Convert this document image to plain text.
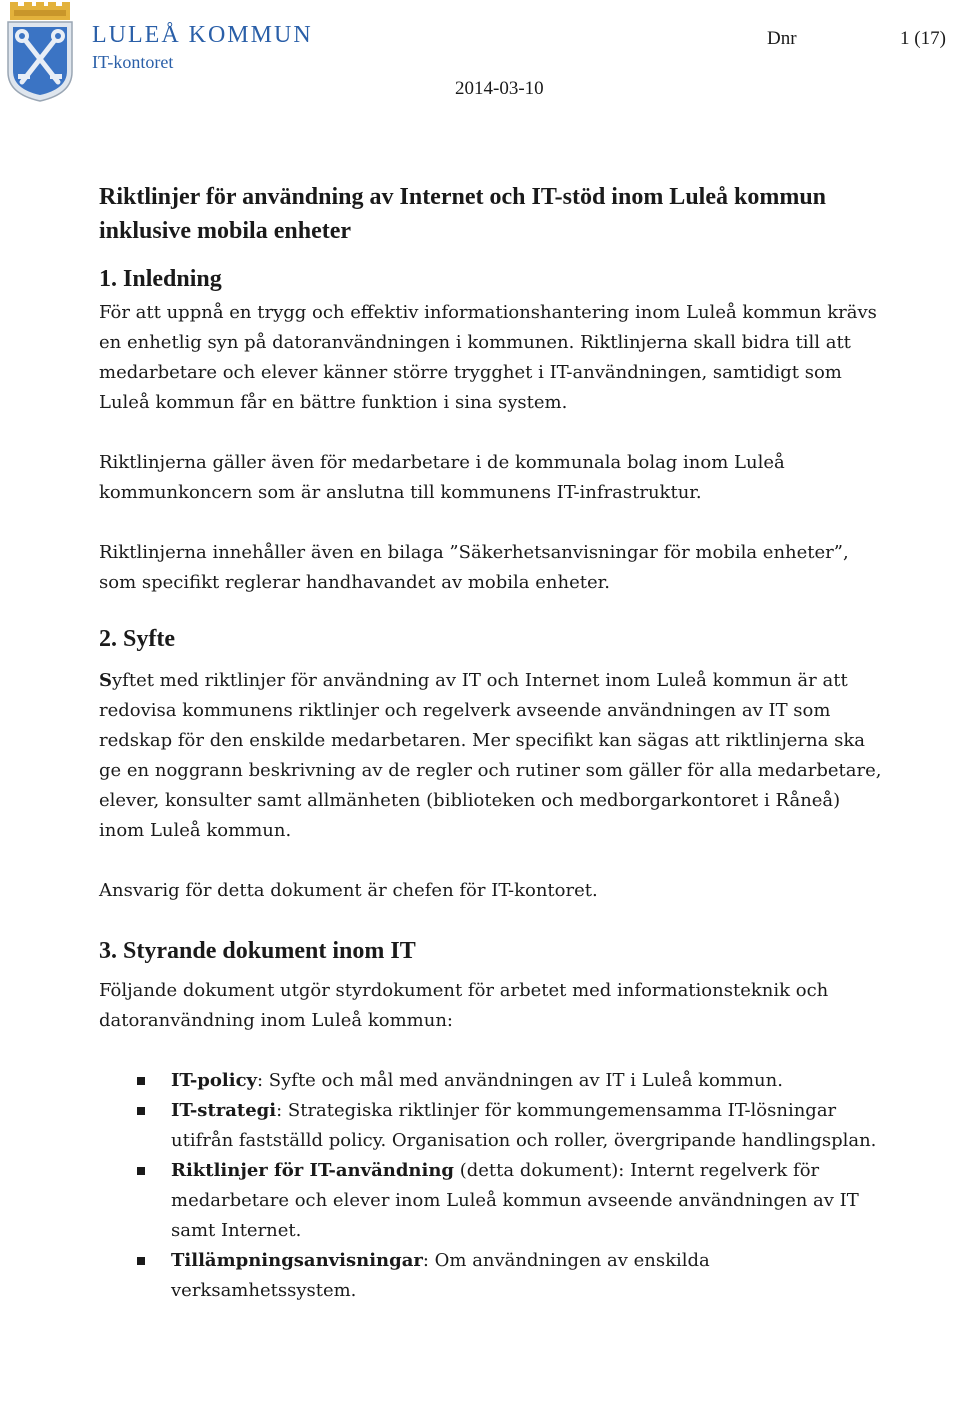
LULEÅ KOMMUN
IT-kontoret
Dnr	1 (17)
2014-03-10
Riktlinjer för användning av Internet och IT-stöd inom Luleå kommun inklusive mobila enheter
1. Inledning

För att uppnå en trygg och effektiv informationshantering inom Luleå kommun krävs en enhetlig syn på datoranvändningen i kommunen. Riktlinjerna skall bidra till att medarbetare och elever känner större trygghet i IT-användningen, samtidigt som Luleå kommun får en bättre funktion i sina system.

Riktlinjerna gäller även för medarbetare i de kommunala bolag inom Luleå kommunkoncern som är anslutna till kommunens IT-infrastruktur.

Riktlinjerna innehåller även en bilaga ”Säkerhetsanvisningar för mobila enheter”, som specifikt reglerar handhavandet av mobila enheter.

2. Syfte

Syftet med riktlinjer för användning av IT och Internet inom Luleå kommun är att redovisa kommunens riktlinjer och regelverk avseende användningen av IT som redskap för den enskilde medarbetaren. Mer specifikt kan sägas att riktlinjerna ska ge en noggrann beskrivning av de regler och rutiner som gäller för alla medarbetare, elever, konsulter samt allmänheten (biblioteken och medborgarkontoret i Råneå) inom Luleå kommun.

Ansvarig för detta dokument är chefen för IT-kontoret.

3. Styrande dokument inom IT

Följande dokument utgör styrdokument för arbetet med informationsteknik och datoranvändning inom Luleå kommun:

IT-policy: Syfte och mål med användningen av IT i Luleå kommun.
IT-strategi: Strategiska riktlinjer för kommungemensamma IT-lösningar utifrån fastställd policy. Organisation och roller, övergripande handlingsplan.
Riktlinjer för IT-användning (detta dokument): Internt regelverk för medarbetare och elever inom Luleå kommun avseende användningen av IT samt Internet.
Tillämpningsanvisningar: Om användningen av enskilda verksamhetssystem.
